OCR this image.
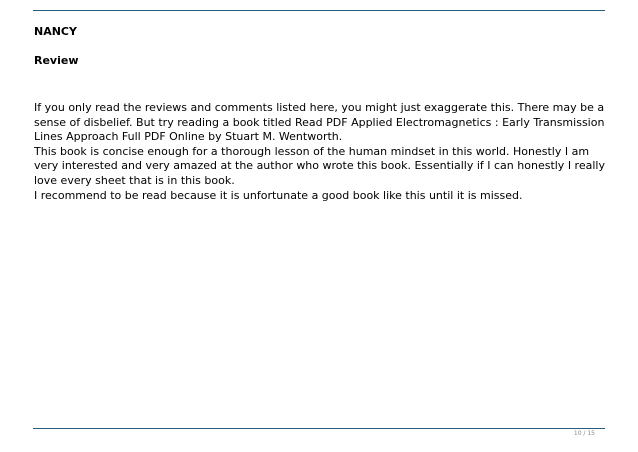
NANCY
Review

If you only read the reviews and comments listed here, you might just exaggerate this. There may be a sense of disbelief. But try reading a book titled Read PDF Applied Electromagnetics : Early Transmission Lines Approach Full PDF Online by Stuart M. Wentworth.

This book is concise enough for a thorough lesson of the human mindset in this world. Honestly I am very interested and very amazed at the author who wrote this book. Essentially if I can honestly I really love every sheet that is in this book.

I recommend to be read because it is unfortunate a good book like this until it is missed.

10 / 15
